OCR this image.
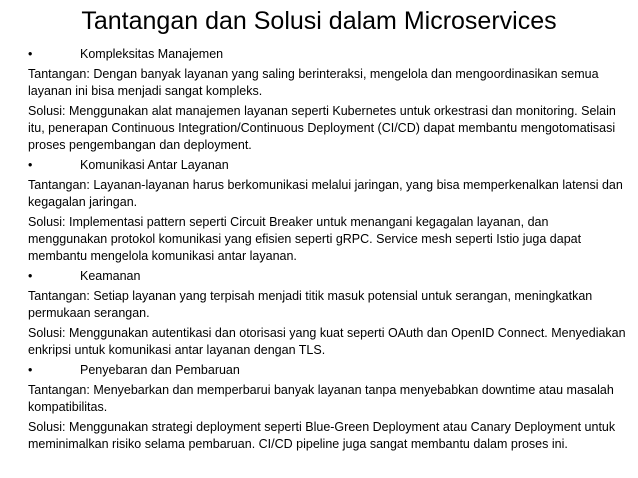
Tantangan dan Solusi dalam Microservices
•	Kompleksitas Manajemen

Tantangan: Dengan banyak layanan yang saling berinteraksi, mengelola dan mengoordinasikan semua layanan ini bisa menjadi sangat kompleks.

Solusi: Menggunakan alat manajemen layanan seperti Kubernetes untuk orkestrasi dan monitoring. Selain itu, penerapan Continuous Integration/Continuous Deployment (CI/CD) dapat membantu mengotomatisasi proses pengembangan dan deployment.

•	Komunikasi Antar Layanan

Tantangan: Layanan-layanan harus berkomunikasi melalui jaringan, yang bisa memperkenalkan latensi dan kegagalan jaringan.

Solusi: Implementasi pattern seperti Circuit Breaker untuk menangani kegagalan layanan, dan menggunakan protokol komunikasi yang efisien seperti gRPC. Service mesh seperti Istio juga dapat membantu mengelola komunikasi antar layanan.

•	Keamanan

Tantangan: Setiap layanan yang terpisah menjadi titik masuk potensial untuk serangan, meningkatkan permukaan serangan.

Solusi: Menggunakan autentikasi dan otorisasi yang kuat seperti OAuth dan OpenID Connect. Menyediakan enkripsi untuk komunikasi antar layanan dengan TLS.

•	Penyebaran dan Pembaruan

Tantangan: Menyebarkan dan memperbarui banyak layanan tanpa menyebabkan downtime atau masalah kompatibilitas.

Solusi: Menggunakan strategi deployment seperti Blue-Green Deployment atau Canary Deployment untuk meminimalkan risiko selama pembaruan. CI/CD pipeline juga sangat membantu dalam proses ini.
